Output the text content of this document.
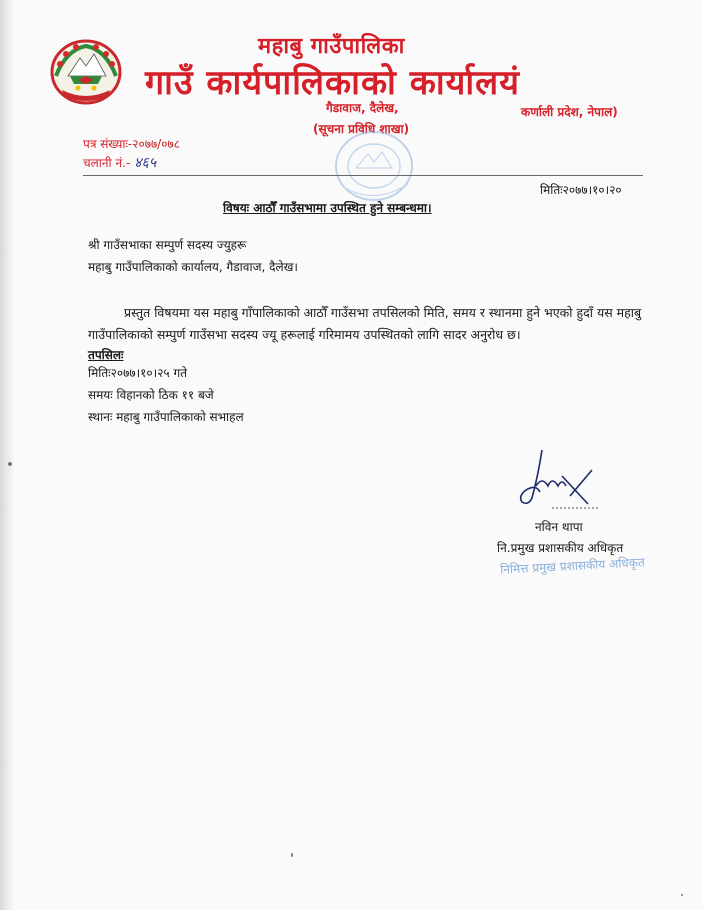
महाबु गाउँपालिका
गाउँ कार्यपालिकाको कार्यालयं
गैडावाज, दैलेख,	कर्णाली प्रदेश, नेपाल)
(सूचना प्रविधि शाखा)
पत्र संख्याः-२०७७/०७८
चलानी नं.- ४६५
मितिः२०७७।१०।२०
विषयः आठौँ गाउँसभामा उपस्थित हुने सम्बन्धमा।
श्री गाउँसभाका सम्पुर्ण सदस्य ज्युहरू
महाबु गाउँपालिकाको कार्यालय, गैडावाज, दैलेख।
प्रस्तुत विषयमा यस महाबु गाँपालिकाको आठौँ गाउँसभा तपसिलको मिति, समय र स्थानमा हुने भएको हुदाँ यस महाबु गाउँपालिकाको सम्पुर्ण गाउँसभा सदस्य ज्यू हरूलाई गरिमामय उपस्थितको लागि सादर अनुरोध छ।
तपसिलः
मितिः२०७७।१०।२५ गते
समयः विहानको ठिक ११ बजे
स्थानः महाबु गाउँपालिकाको सभाहल
नविन थापा
नि.प्रमुख प्रशासकीय अधिकृत
निमित्त प्रमुख प्रशासकीय अधिकृत
